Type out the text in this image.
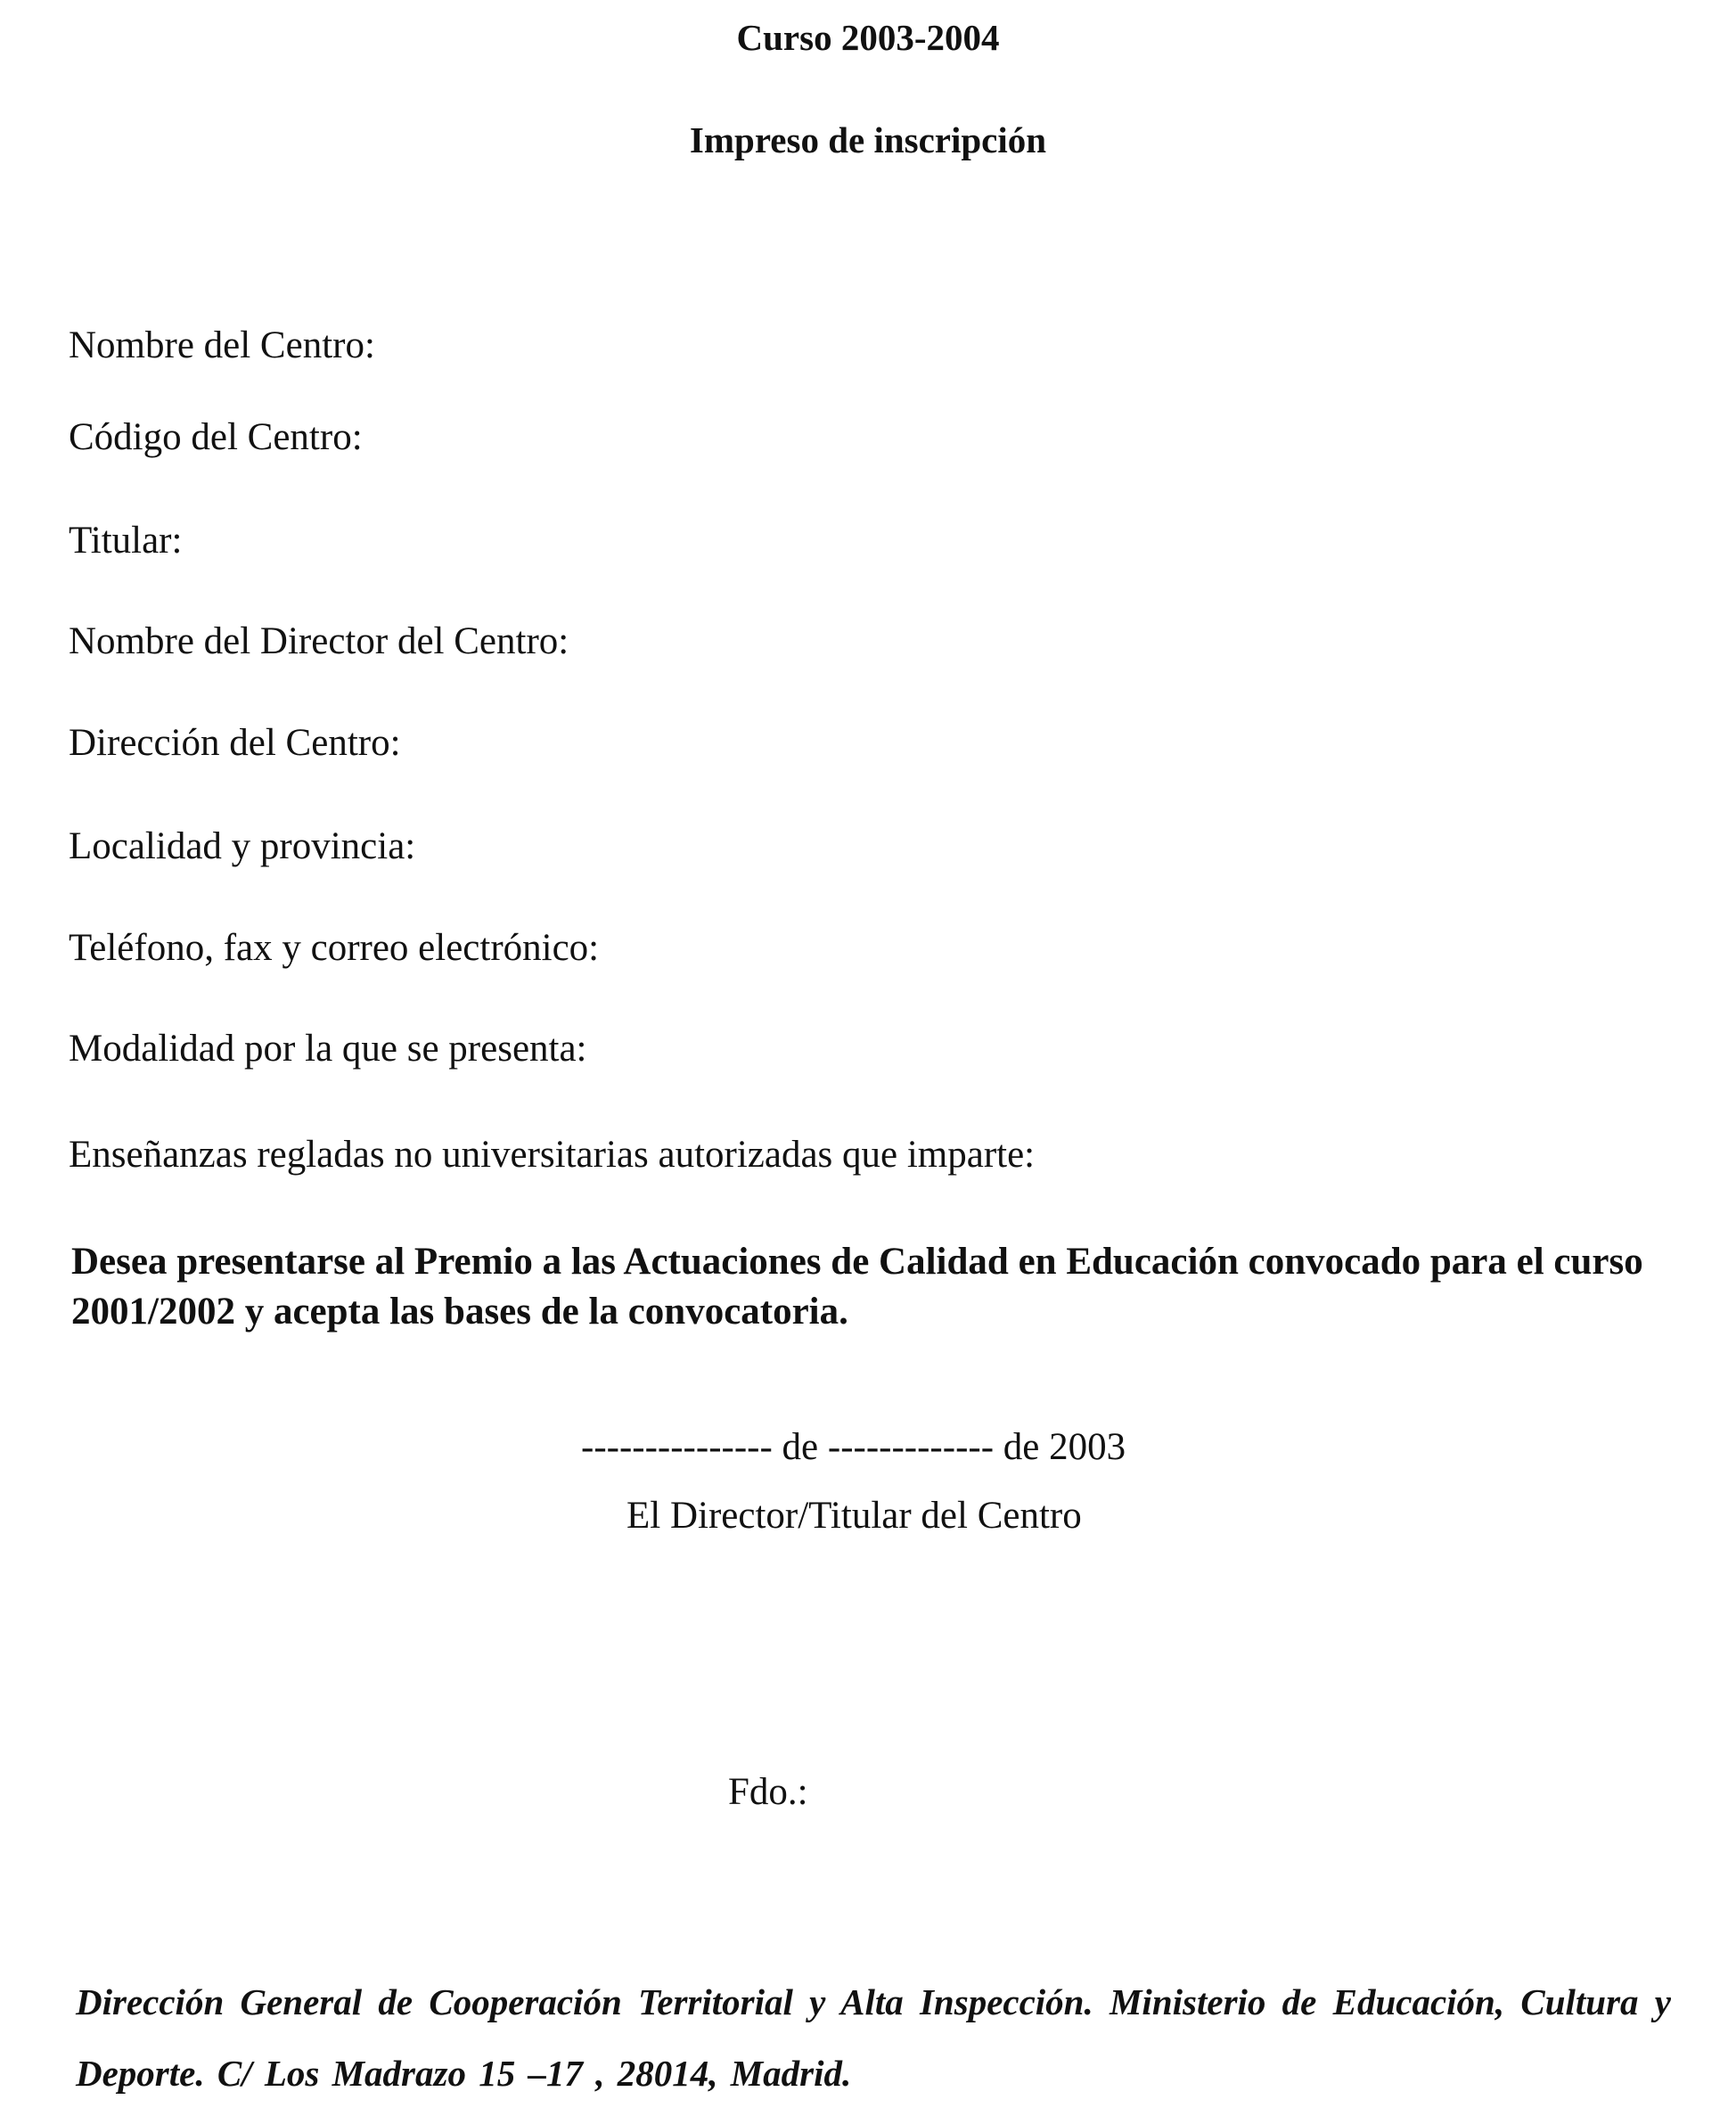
Curso 2003-2004
Impreso de inscripción
Nombre del Centro:
Código del Centro:
Titular:
Nombre del Director del Centro:
Dirección del Centro:
Localidad y provincia:
Teléfono, fax y correo electrónico:
Modalidad por la que se presenta:
Enseñanzas regladas no universitarias autorizadas que imparte:

Desea presentarse al Premio a las Actuaciones de Calidad en Educación convocado para el curso 2001/2002 y acepta las bases de la convocatoria.

--------------- de ------------- de 2003
El Director/Titular del Centro
Fdo.:

Dirección General de Cooperación Territorial y Alta Inspección. Ministerio de Educación, Cultura y Deporte. C/ Los Madrazo 15 –17 , 28014, Madrid.
